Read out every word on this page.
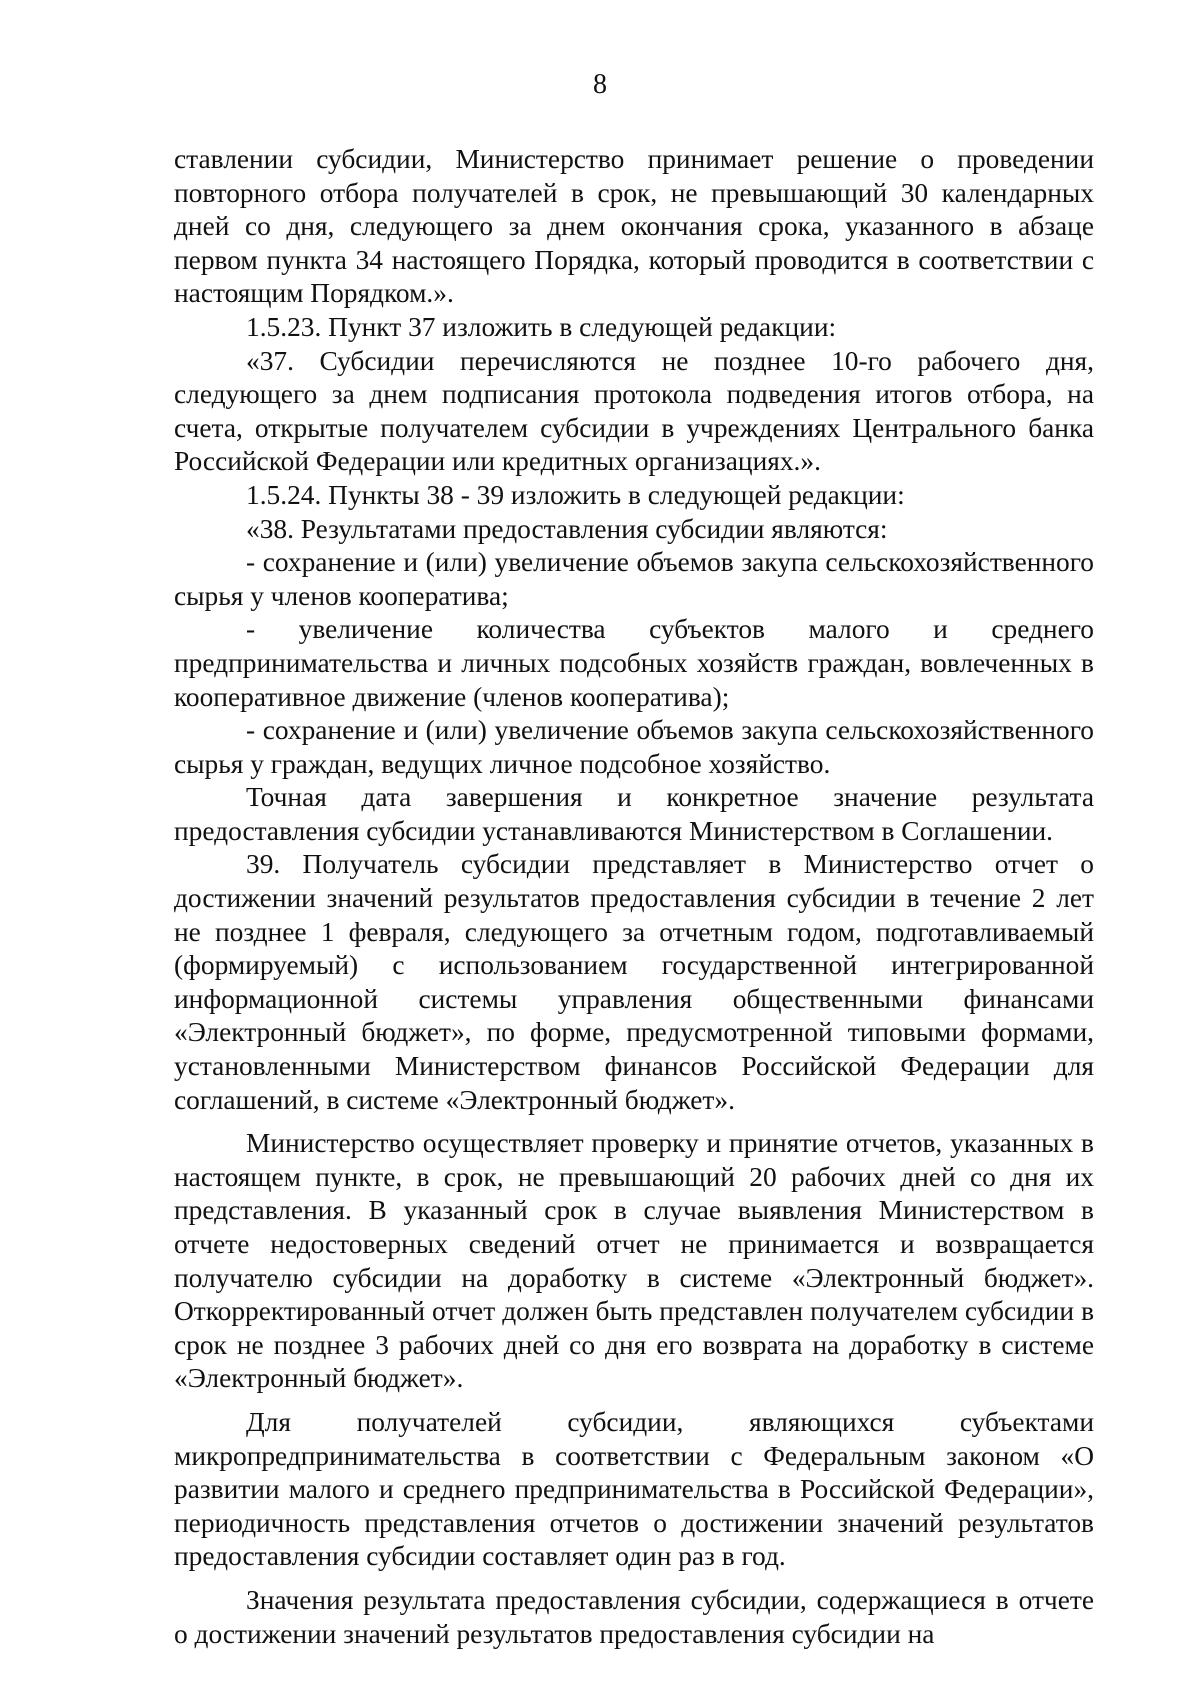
8

ставлении субсидии, Министерство принимает решение о проведении повторного отбора получателей в срок, не превышающий 30 календарных дней со дня, следующего за днем окончания срока, указанного в абзаце первом пункта 34 настоящего Порядка, который проводится в соответствии с настоящим Порядком.».

1.5.23. Пункт 37 изложить в следующей редакции:

«37. Субсидии перечисляются не позднее 10-го рабочего дня, следующего за днем подписания протокола подведения итогов отбора, на счета, открытые получателем субсидии в учреждениях Центрального банка Российской Федерации или кредитных организациях.».

1.5.24. Пункты 38 - 39 изложить в следующей редакции:

«38. Результатами предоставления субсидии являются:

- сохранение и (или) увеличение объемов закупа сельскохозяйственного сырья у членов кооператива;

- увеличение количества субъектов малого и среднего предпринимательства и личных подсобных хозяйств граждан, вовлеченных в кооперативное движение (членов кооператива);

- сохранение и (или) увеличение объемов закупа сельскохозяйственного сырья у граждан, ведущих личное подсобное хозяйство.

Точная дата завершения и конкретное значение результата предоставления субсидии устанавливаются Министерством в Соглашении.

39. Получатель субсидии представляет в Министерство отчет о достижении значений результатов предоставления субсидии в течение 2 лет не позднее 1 февраля, следующего за отчетным годом, подготавливаемый (формируемый) с использованием государственной интегрированной информационной системы управления общественными финансами «Электронный бюджет», по форме, предусмотренной типовыми формами, установленными Министерством финансов Российской Федерации для соглашений, в системе «Электронный бюджет».

Министерство осуществляет проверку и принятие отчетов, указанных в настоящем пункте, в срок, не превышающий 20 рабочих дней со дня их представления. В указанный срок в случае выявления Министерством в отчете недостоверных сведений отчет не принимается и возвращается получателю субсидии на доработку в системе «Электронный бюджет». Откорректированный отчет должен быть представлен получателем субсидии в срок не позднее 3 рабочих дней со дня его возврата на доработку в системе «Электронный бюджет».

Для получателей субсидии, являющихся субъектами микропредпринимательства в соответствии с Федеральным законом «О развитии малого и среднего предпринимательства в Российской Федерации», периодичность представления отчетов о достижении значений результатов предоставления субсидии составляет один раз в год.

Значения результата предоставления субсидии, содержащиеся в отчете о достижении значений результатов предоставления субсидии на
